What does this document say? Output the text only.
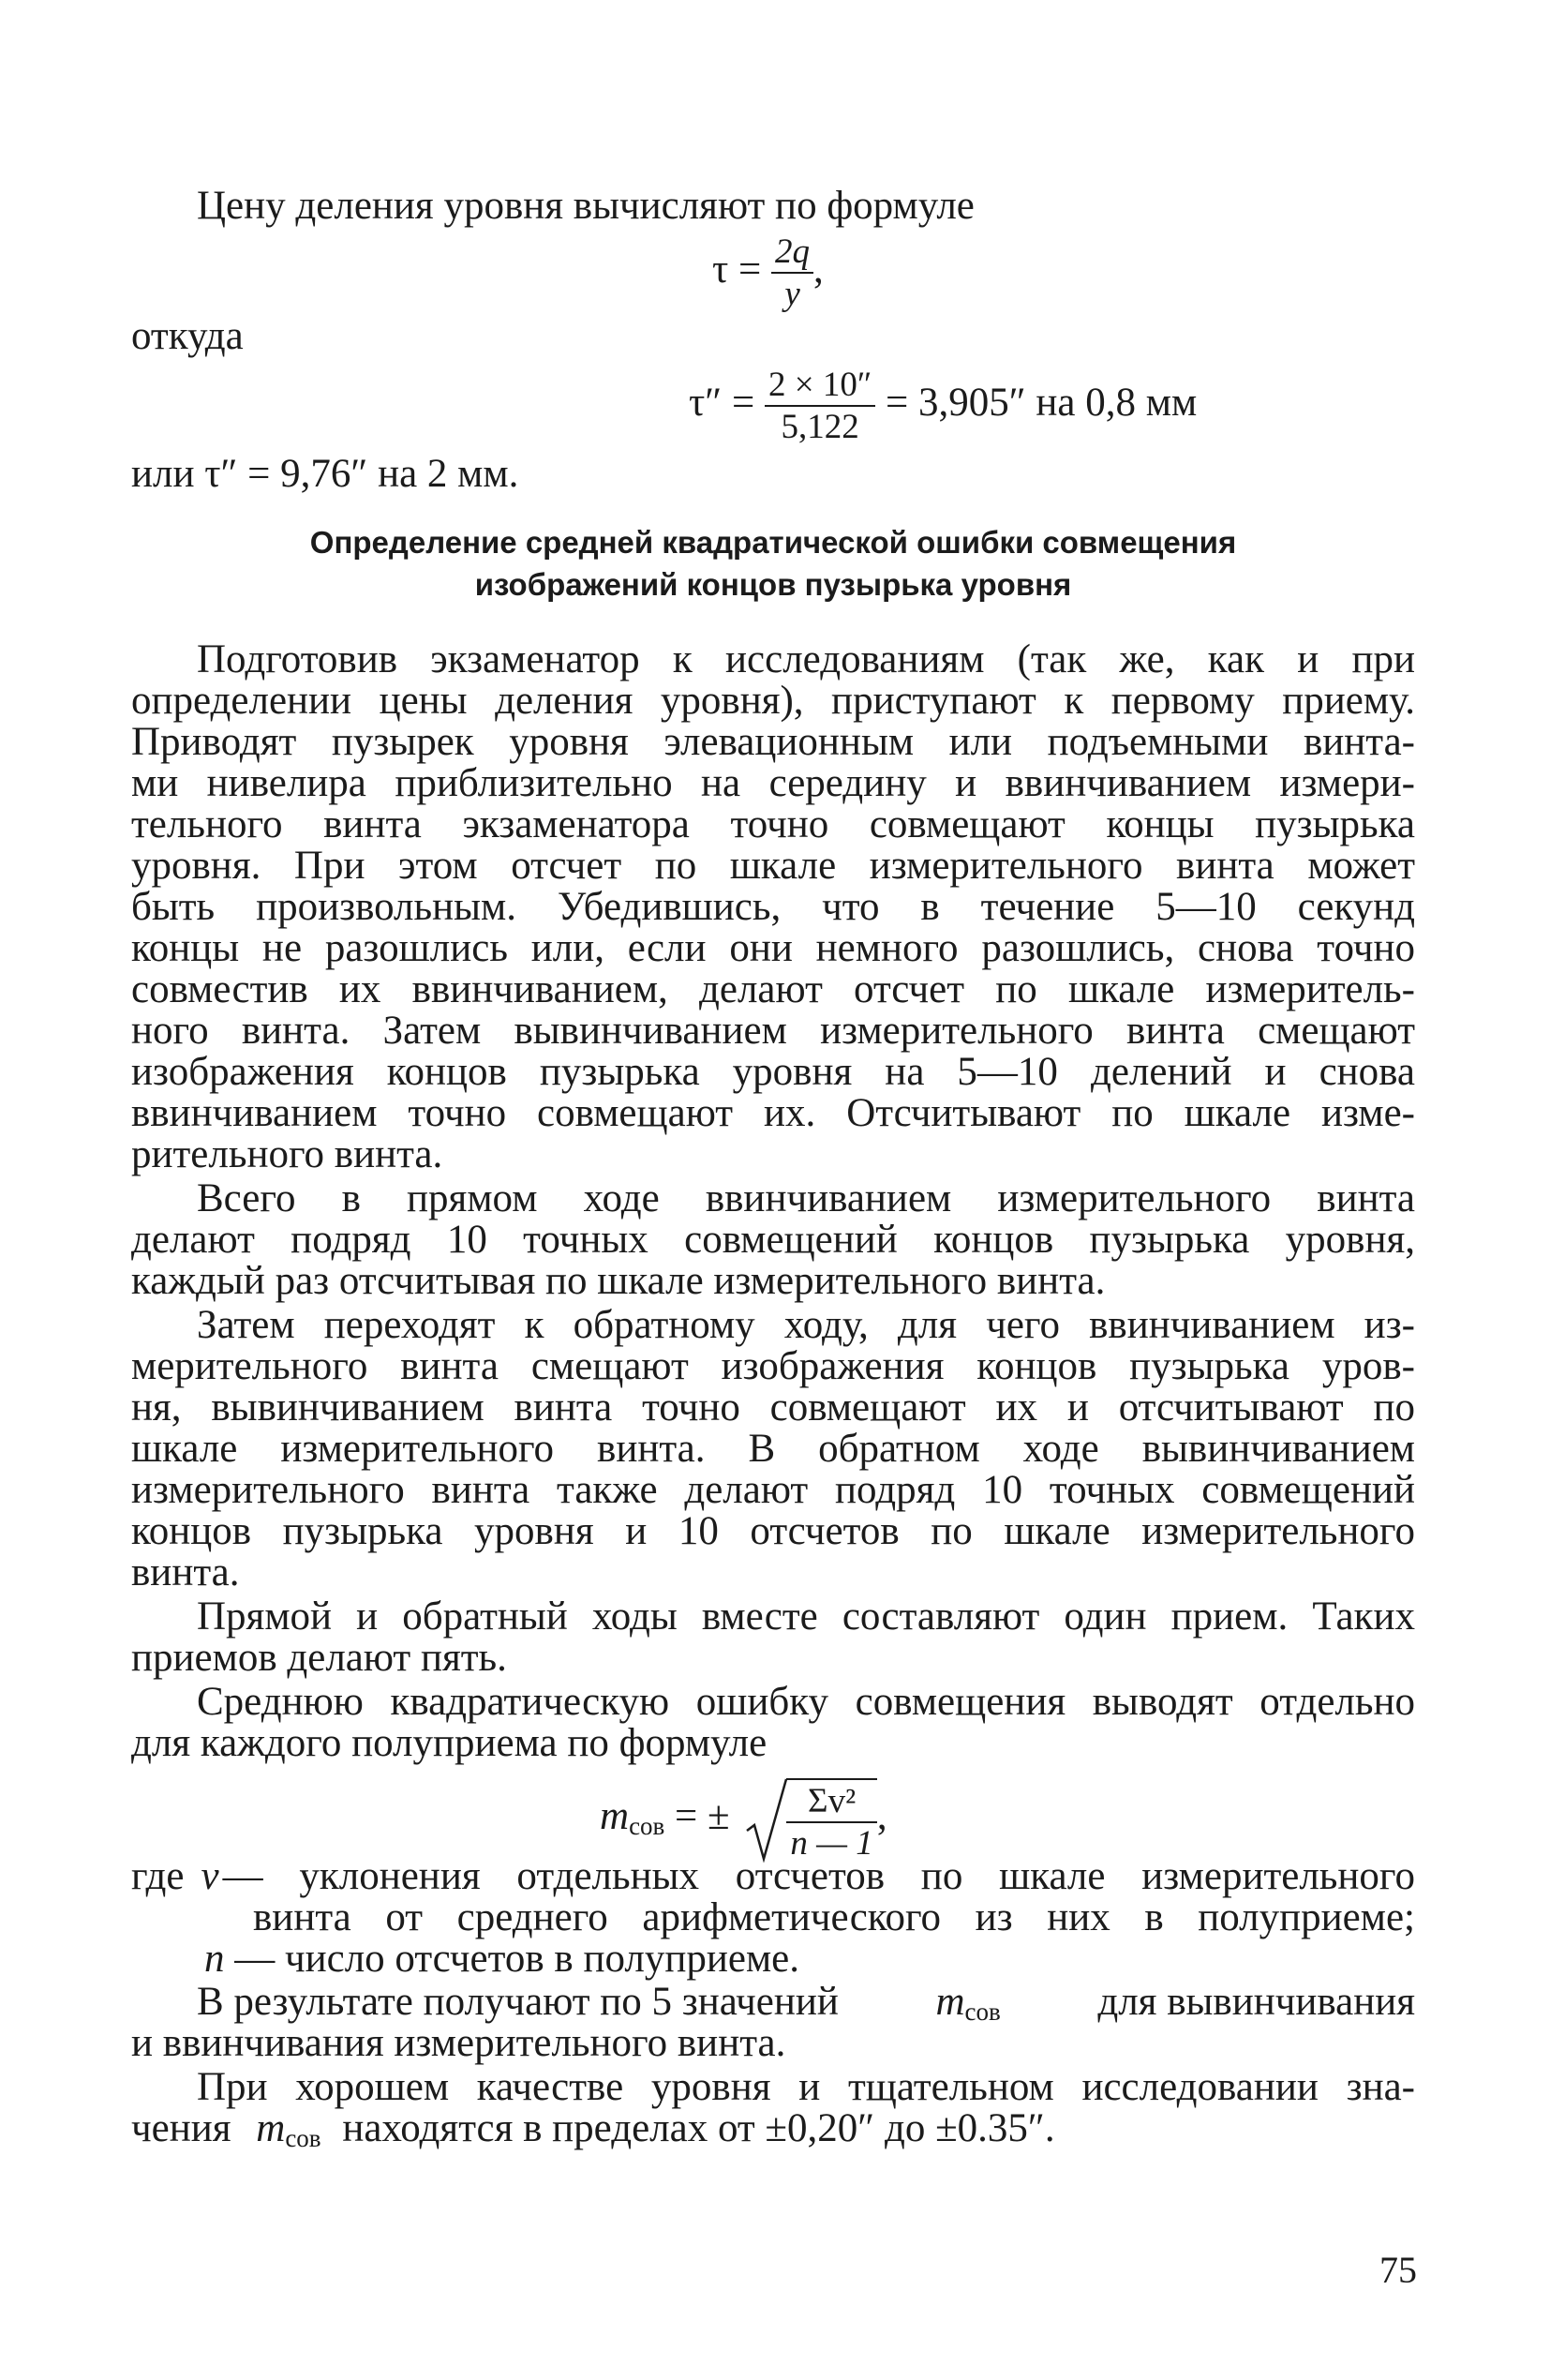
Цену деления уровня вычисляют по формуле
$\tau = \frac{2q}{y}$ ,
откуда
$\tau'' = \frac{2 \times 10''}{5,122} = 3,905''$ на 0,8 мм
или τ″ = 9,76″ на 2 мм.
Определение средней квадратической ошибки совмещения
изображений концов пузырька уровня
Подготовив экзаменатор к исследованиям (так же, как и при
определении цены деления уровня), приступают к первому приему.
Приводят пузырек уровня элевационным или подъемными винта-
ми нивелира приблизительно на середину и ввинчиванием измери-
тельного винта экзаменатора точно совмещают концы пузырька
уровня. При этом отсчет по шкале измерительного винта может
быть произвольным. Убедившись, что в течение 5—10 секунд
концы не разошлись или, если они немного разошлись, снова точно
совместив их ввинчиванием, делают отсчет по шкале измеритель-
ного винта. Затем вывинчиванием измерительного винта смещают
изображения концов пузырька уровня на 5—10 делений и снова
ввинчиванием точно совмещают их. Отсчитывают по шкале изме-
рительного винта.
Всего в прямом ходе ввинчиванием измерительного винта
делают подряд 10 точных совмещений концов пузырька уровня,
каждый раз отсчитывая по шкале измерительного винта.
Затем переходят к обратному ходу, для чего ввинчиванием из-
мерительного винта смещают изображения концов пузырька уров-
ня, вывинчиванием винта точно совмещают их и отсчитывают по
шкале измерительного винта. В обратном ходе вывинчиванием
измерительного винта также делают подряд 10 точных совмещений
концов пузырька уровня и 10 отсчетов по шкале измерительного
винта.
Прямой и обратный ходы вместе составляют один прием. Таких
приемов делают пять.
Среднюю квадратическую ошибку совмещения выводят отдельно
для каждого полуприема по формуле
$m_{сов}$ = ± $\frac{\text{Σv²}}{n — 1}$ ,
где v — уклонения отдельных отсчетов по шкале измерительного
винта от среднего арифметического из них в полуприеме;
n — число отсчетов в полуприеме.
В результате получают по 5 значений $m_{сов}$ для вывинчивания
и ввинчивания измерительного винта.
При хорошем качестве уровня и тщательном исследовании зна-
чения $m_{сов}$ находятся в пределах от ±0,20″ до ±0.35″.
75
